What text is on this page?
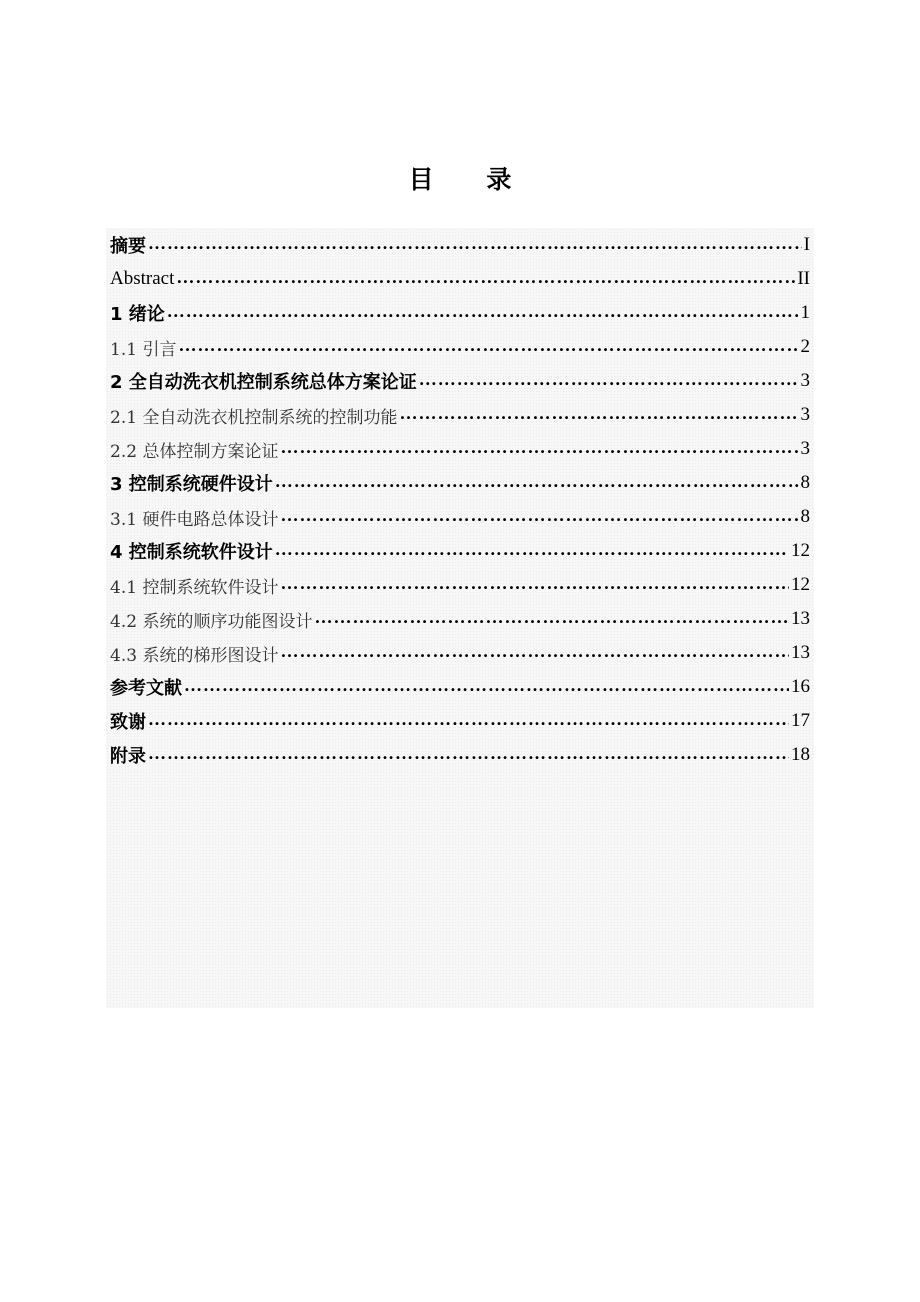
目 录
摘要 ……………………………………………………………………………………………………………………………………………………………………………………	I
Abstract ……………………………………………………………………………………………………………………………………………………………………………………	II
1 绪论 ……………………………………………………………………………………………………………………………………………………………………………………	1
1.1 引言 ……………………………………………………………………………………………………………………………………………………………………………………	2
2 全自动洗衣机控制系统总体方案论证 ……………………………………………………………………………………………………………………………………………………………………………………	3
2.1 全自动洗衣机控制系统的控制功能 ……………………………………………………………………………………………………………………………………………………………………………………	3
2.2 总体控制方案论证 ……………………………………………………………………………………………………………………………………………………………………………………	3
3 控制系统硬件设计 ……………………………………………………………………………………………………………………………………………………………………………………	8
3.1 硬件电路总体设计 ……………………………………………………………………………………………………………………………………………………………………………………	8
4 控制系统软件设计 ……………………………………………………………………………………………………………………………………………………………………………………	12
4.1 控制系统软件设计 ……………………………………………………………………………………………………………………………………………………………………………………	12
4.2 系统的顺序功能图设计 ……………………………………………………………………………………………………………………………………………………………………………………	13
4.3 系统的梯形图设计 ……………………………………………………………………………………………………………………………………………………………………………………	13
参考文献 ……………………………………………………………………………………………………………………………………………………………………………………	16
致谢 ……………………………………………………………………………………………………………………………………………………………………………………	17
附录 ……………………………………………………………………………………………………………………………………………………………………………………	18
